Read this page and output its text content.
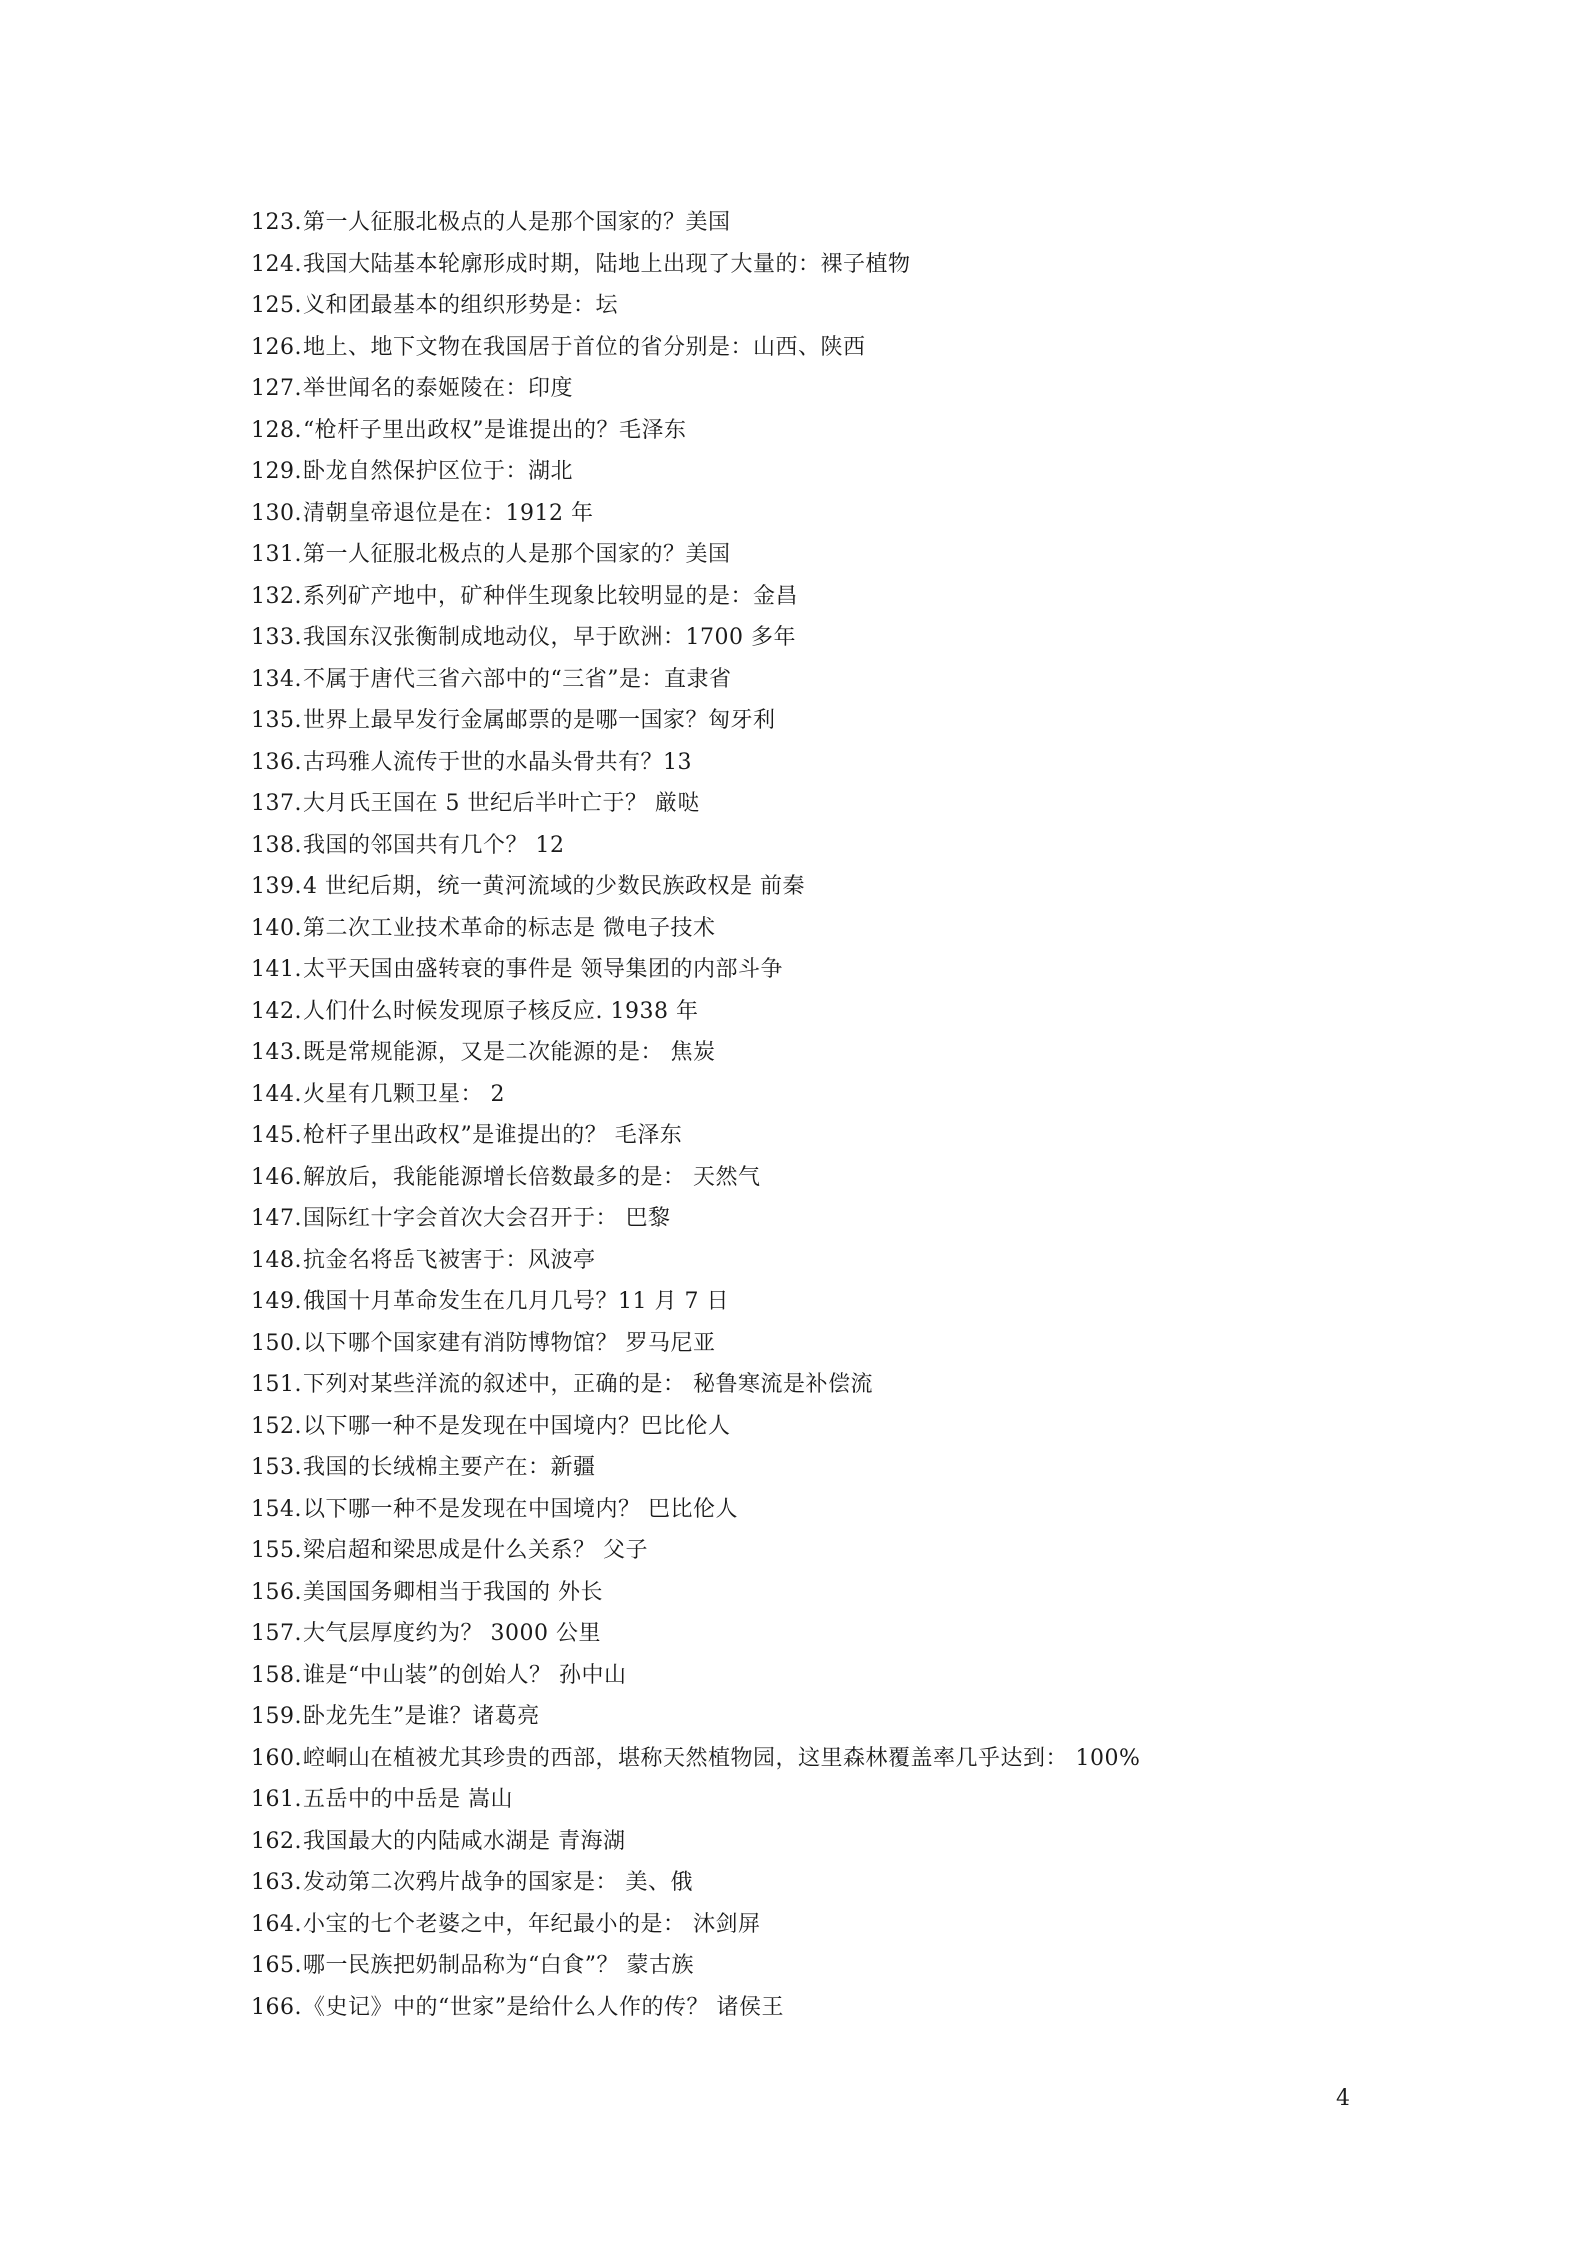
123.第一人征服北极点的人是那个国家的？美国
124.我国大陆基本轮廓形成时期，陆地上出现了大量的：裸子植物
125.义和团最基本的组织形势是：坛
126.地上、地下文物在我国居于首位的省分别是：山西、陕西
127.举世闻名的泰姬陵在：印度
128.“枪杆子里出政权”是谁提出的？毛泽东
129.卧龙自然保护区位于：湖北
130.清朝皇帝退位是在：1912 年
131.第一人征服北极点的人是那个国家的？美国
132.系列矿产地中，矿种伴生现象比较明显的是：金昌
133.我国东汉张衡制成地动仪，早于欧洲：1700 多年
134.不属于唐代三省六部中的“三省”是：直隶省
135.世界上最早发行金属邮票的是哪一国家？匈牙利
136.古玛雅人流传于世的水晶头骨共有？13
137.大月氏王国在 5 世纪后半叶亡于？ 厳哒
138.我国的邻国共有几个？ 12
139.4 世纪后期，统一黄河流域的少数民族政权是 前秦
140.第二次工业技术革命的标志是 微电子技术
141.太平天国由盛转衰的事件是 领导集团的内部斗争
142.人们什么时候发现原子核反应. 1938 年
143.既是常规能源，又是二次能源的是： 焦炭
144.火星有几颗卫星： 2
145.枪杆子里出政权”是谁提出的？ 毛泽东
146.解放后，我能能源增长倍数最多的是： 天然气
147.国际红十字会首次大会召开于： 巴黎
148.抗金名将岳飞被害于：风波亭
149.俄国十月革命发生在几月几号？11 月 7 日
150.以下哪个国家建有消防博物馆？ 罗马尼亚
151.下列对某些洋流的叙述中，正确的是： 秘鲁寒流是补偿流
152.以下哪一种不是发现在中国境内？巴比伦人
153.我国的长绒棉主要产在：新疆
154.以下哪一种不是发现在中国境内？ 巴比伦人
155.梁启超和梁思成是什么关系？ 父子
156.美国国务卿相当于我国的 外长
157.大气层厚度约为？ 3000 公里
158.谁是“中山装”的创始人？ 孙中山
159.卧龙先生”是谁？诸葛亮
160.崆峒山在植被尤其珍贵的西部，堪称天然植物园，这里森林覆盖率几乎达到： 100%
161.五岳中的中岳是 嵩山
162.我国最大的内陆咸水湖是 青海湖
163.发动第二次鸦片战争的国家是： 美、俄
164.小宝的七个老婆之中，年纪最小的是： 沐剑屏
165.哪一民族把奶制品称为“白食”？ 蒙古族
166.《史记》中的“世家”是给什么人作的传？ 诸侯王
4
